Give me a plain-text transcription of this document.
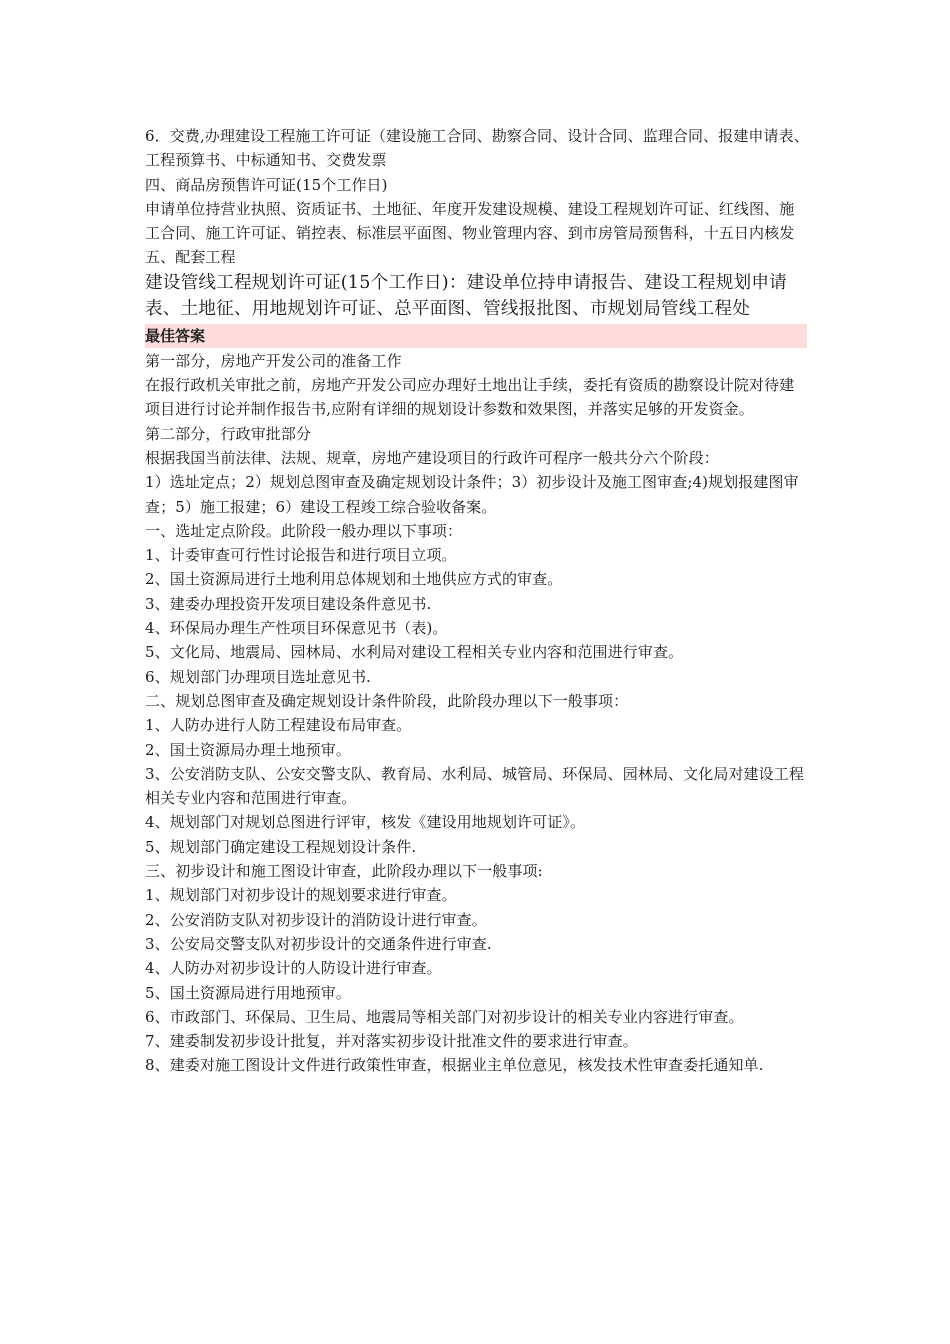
6．交费,办理建设工程施工许可证（建设施工合同、勘察合同、设计合同、监理合同、报建申请表、工程预算书、中标通知书、交费发票

四、商品房预售许可证(15个工作日)

申请单位持营业执照、资质证书、土地征、年度开发建设规模、建设工程规划许可证、红线图、施工合同、施工许可证、销控表、标准层平面图、物业管理内容、到市房管局预售科，十五日内核发

五、配套工程

建设管线工程规划许可证(15个工作日)：建设单位持申请报告、建设工程规划申请表、土地征、用地规划许可证、总平面图、管线报批图、市规划局管线工程处

最佳答案

第一部分，房地产开发公司的准备工作

在报行政机关审批之前，房地产开发公司应办理好土地出让手续，委托有资质的勘察设计院对待建项目进行讨论并制作报告书,应附有详细的规划设计参数和效果图，并落实足够的开发资金。

第二部分，行政审批部分

根据我国当前法律、法规、规章，房地产建设项目的行政许可程序一般共分六个阶段：

1）选址定点；2）规划总图审查及确定规划设计条件；3）初步设计及施工图审查;4)规划报建图审查；5）施工报建；6）建设工程竣工综合验收备案。

一、选址定点阶段。此阶段一般办理以下事项：

1、计委审查可行性讨论报告和进行项目立项。

2、国土资源局进行土地利用总体规划和土地供应方式的审查。

3、建委办理投资开发项目建设条件意见书.

4、环保局办理生产性项目环保意见书（表)。

5、文化局、地震局、园林局、水利局对建设工程相关专业内容和范围进行审查。

6、规划部门办理项目选址意见书.

二、规划总图审查及确定规划设计条件阶段，此阶段办理以下一般事项：

1、人防办进行人防工程建设布局审查。

2、国土资源局办理土地预审。

3、公安消防支队、公安交警支队、教育局、水利局、城管局、环保局、园林局、文化局对建设工程相关专业内容和范围进行审查。

4、规划部门对规划总图进行评审，核发《建设用地规划许可证》。

5、规划部门确定建设工程规划设计条件.

三、初步设计和施工图设计审查，此阶段办理以下一般事项:

1、规划部门对初步设计的规划要求进行审查。

2、公安消防支队对初步设计的消防设计进行审查。

3、公安局交警支队对初步设计的交通条件进行审查.

4、人防办对初步设计的人防设计进行审查。

5、国土资源局进行用地预审。

6、市政部门、环保局、卫生局、地震局等相关部门对初步设计的相关专业内容进行审查。

7、建委制发初步设计批复，并对落实初步设计批准文件的要求进行审查。

8、建委对施工图设计文件进行政策性审查，根据业主单位意见，核发技术性审查委托通知单.
